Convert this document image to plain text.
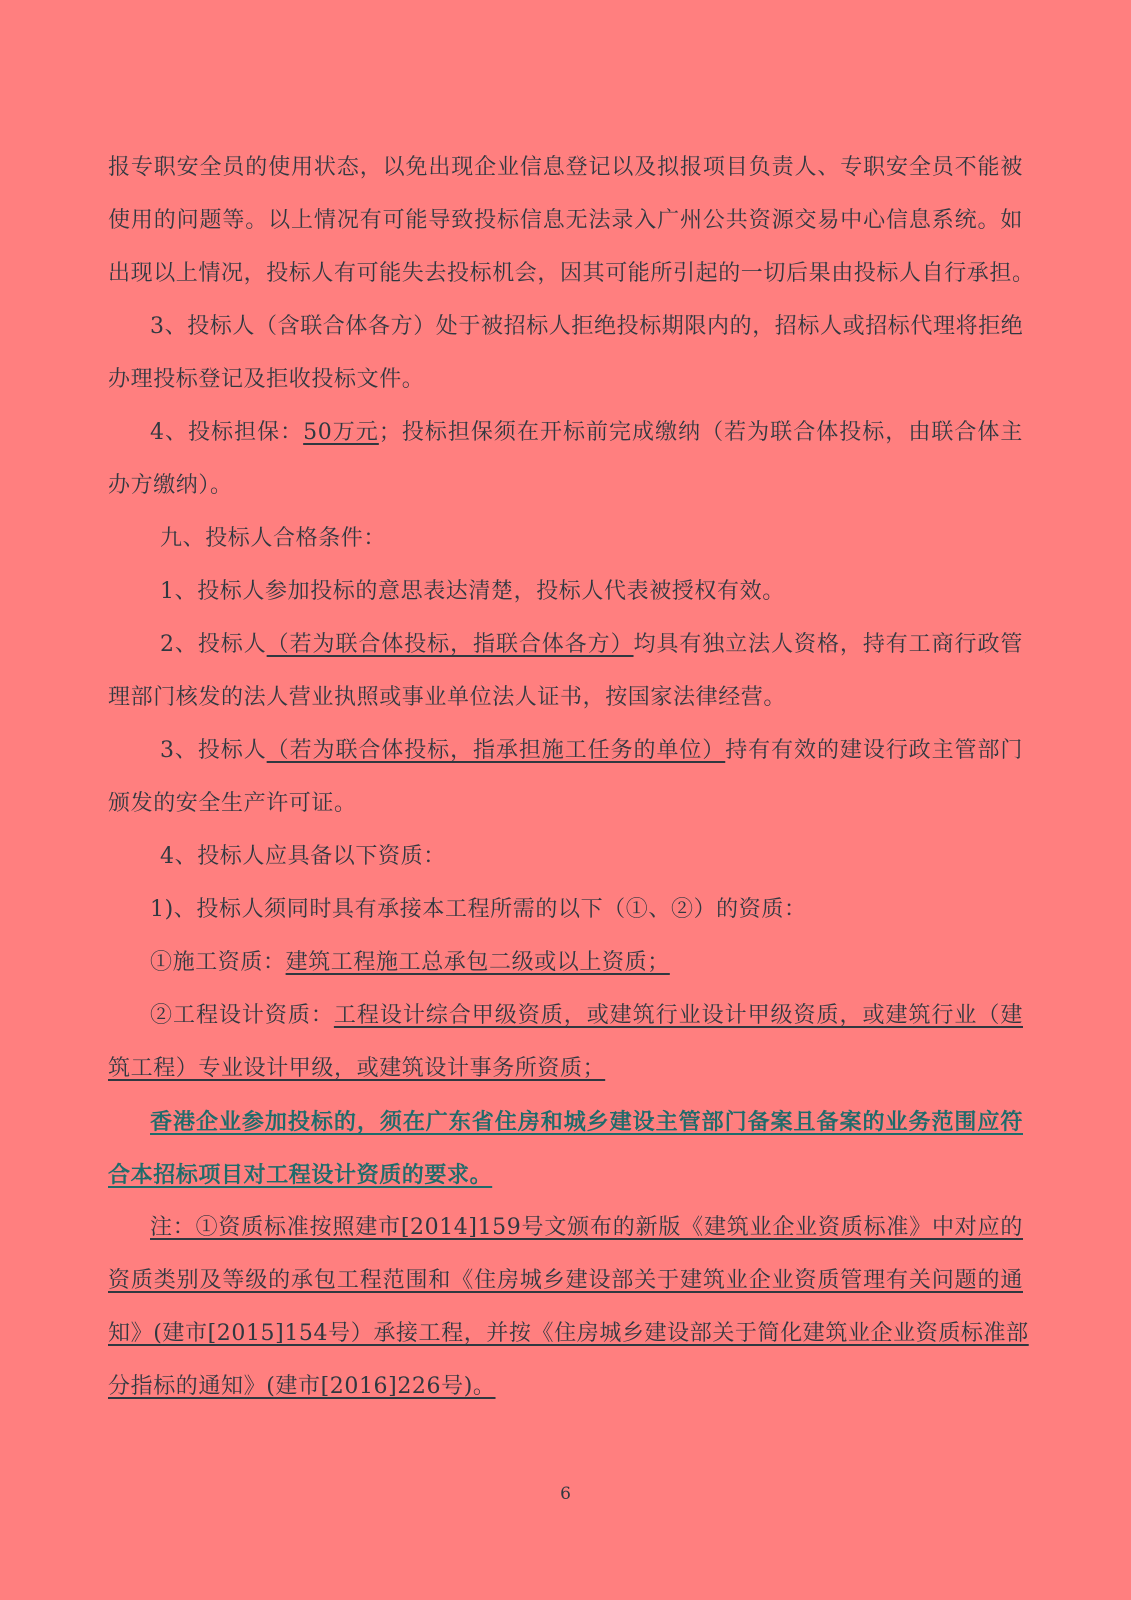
报专职安全员的使用状态，以免出现企业信息登记以及拟报项目负责人、专职安全员不能被
使用的问题等。以上情况有可能导致投标信息无法录入广州公共资源交易中心信息系统。如
出现以上情况，投标人有可能失去投标机会，因其可能所引起的一切后果由投标人自行承担。
3、投标人（含联合体各方）处于被招标人拒绝投标期限内的，招标人或招标代理将拒绝
办理投标登记及拒收投标文件。
4、投标担保：50万元；投标担保须在开标前完成缴纳（若为联合体投标，由联合体主
办方缴纳）。
九、投标人合格条件：
1、投标人参加投标的意思表达清楚，投标人代表被授权有效。
2、投标人（若为联合体投标，指联合体各方）均具有独立法人资格，持有工商行政管
理部门核发的法人营业执照或事业单位法人证书，按国家法律经营。
3、投标人（若为联合体投标，指承担施工任务的单位）持有有效的建设行政主管部门
颁发的安全生产许可证。
4、投标人应具备以下资质：
1)、投标人须同时具有承接本工程所需的以下（①、②）的资质：
①施工资质：建筑工程施工总承包二级或以上资质；
②工程设计资质：工程设计综合甲级资质，或建筑行业设计甲级资质，或建筑行业（建
筑工程）专业设计甲级，或建筑设计事务所资质；
香港企业参加投标的，须在广东省住房和城乡建设主管部门备案且备案的业务范围应符
合本招标项目对工程设计资质的要求。
注：①资质标准按照建市[2014]159号文颁布的新版《建筑业企业资质标准》中对应的
资质类别及等级的承包工程范围和《住房城乡建设部关于建筑业企业资质管理有关问题的通
知》(建市[2015]154号）承接工程，并按《住房城乡建设部关于简化建筑业企业资质标准部
分指标的通知》(建市[2016]226号)。
6
